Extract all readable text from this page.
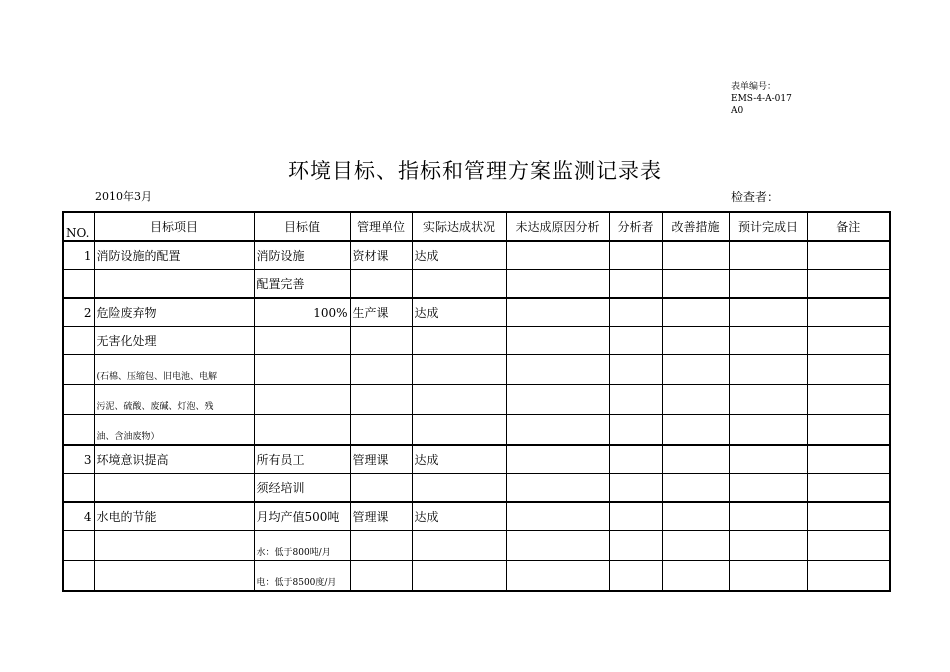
表单编号：
EMS-4-A-017
A0
环境目标、指标和管理方案监测记录表
2010年3月	检查者：
NO.	目标项目	目标值	管理单位	实际达成状况	未达成原因分析	分析者	改善措施	预计完成日	备注
1	消防设施的配置	消防设施	资材课	达成					
		配置完善							
2	危险废弃物	100%	生产课	达成					
	无害化处理								
	(石棉、压缩包、旧电池、电解								
	污泥、硫酸、废碱、灯泡、残								
	油、含油废物）								
3	环境意识提高	所有员工	管理课	达成					
		须经培训							
4	水电的节能	月均产值500吨	管理课	达成					
		水：低于800吨/月							
		电：低于8500度/月							
